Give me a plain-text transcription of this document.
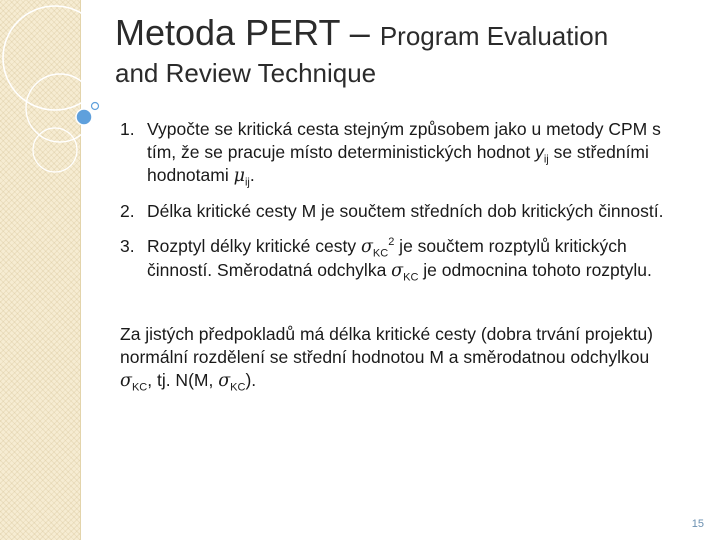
Metoda PERT – Program Evaluation
and Review Technique
1. Vypočte se kritická cesta stejným způsobem jako u metody CPM s tím, že se pracuje místo deterministických hodnot $y_{ij}$ se středními hodnotami $\mu_{ij}$.
2. Délka kritické cesty M je součtem středních dob kritických činností.
3. Rozptyl délky kritické cesty $\sigma_{KC}^2$ je součtem rozptylů kritických činností. Směrodatná odchylka $\sigma_{KC}$ je odmocnina tohoto rozptylu.

Za jistých předpokladů má délka kritické cesty (dobra trvání projektu) normální rozdělení se střední hodnotou M a směrodatnou odchylkou $\sigma_{KC}$, tj. N(M, $\sigma_{KC}$).

15
